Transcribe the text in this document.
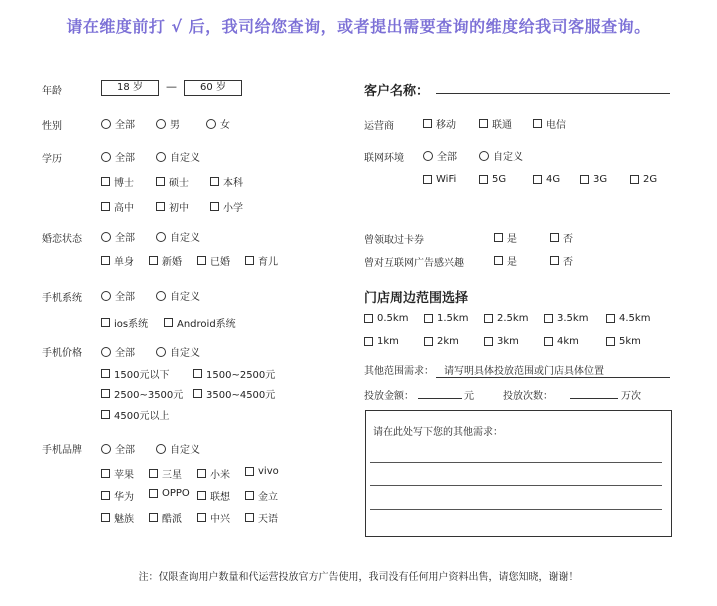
请在维度前打 √ 后，我司给您查询，或者提出需要查询的维度给我司客服查询。
年龄	18 岁	—	60 岁
性别	全部	男	女
学历	全部	自定义
博士	硕士	本科
高中	初中	小学
婚恋状态	全部	自定义
单身	新婚	已婚	育儿
手机系统	全部	自定义
ios系统	Android系统
手机价格	全部	自定义
1500元以下	1500~2500元
2500~3500元 3500~4500元
4500元以上
手机品牌	全部	自定义
苹果	三星	小米	vivo
华为	OPPO 联想	金立
魅族	酷派	中兴	天语
客户名称：
运营商	移动	联通	电信
联网环境	全部	自定义
WiFi	5G	4G	3G	2G
曾领取过卡券	是	否
曾对互联网广告感兴趣	是	否
门店周边范围选择
0.5km	1.5km	2.5km	3.5km	4.5km
1km	2km	3km	4km	5km
其他范围需求：	请写明具体投放范围或门店具体位置
投放金额：	元	投放次数：	万次
请在此处写下您的其他需求：
注：仅限查询用户数量和代运营投放官方广告使用，我司没有任何用户资料出售，请您知晓，谢谢！
